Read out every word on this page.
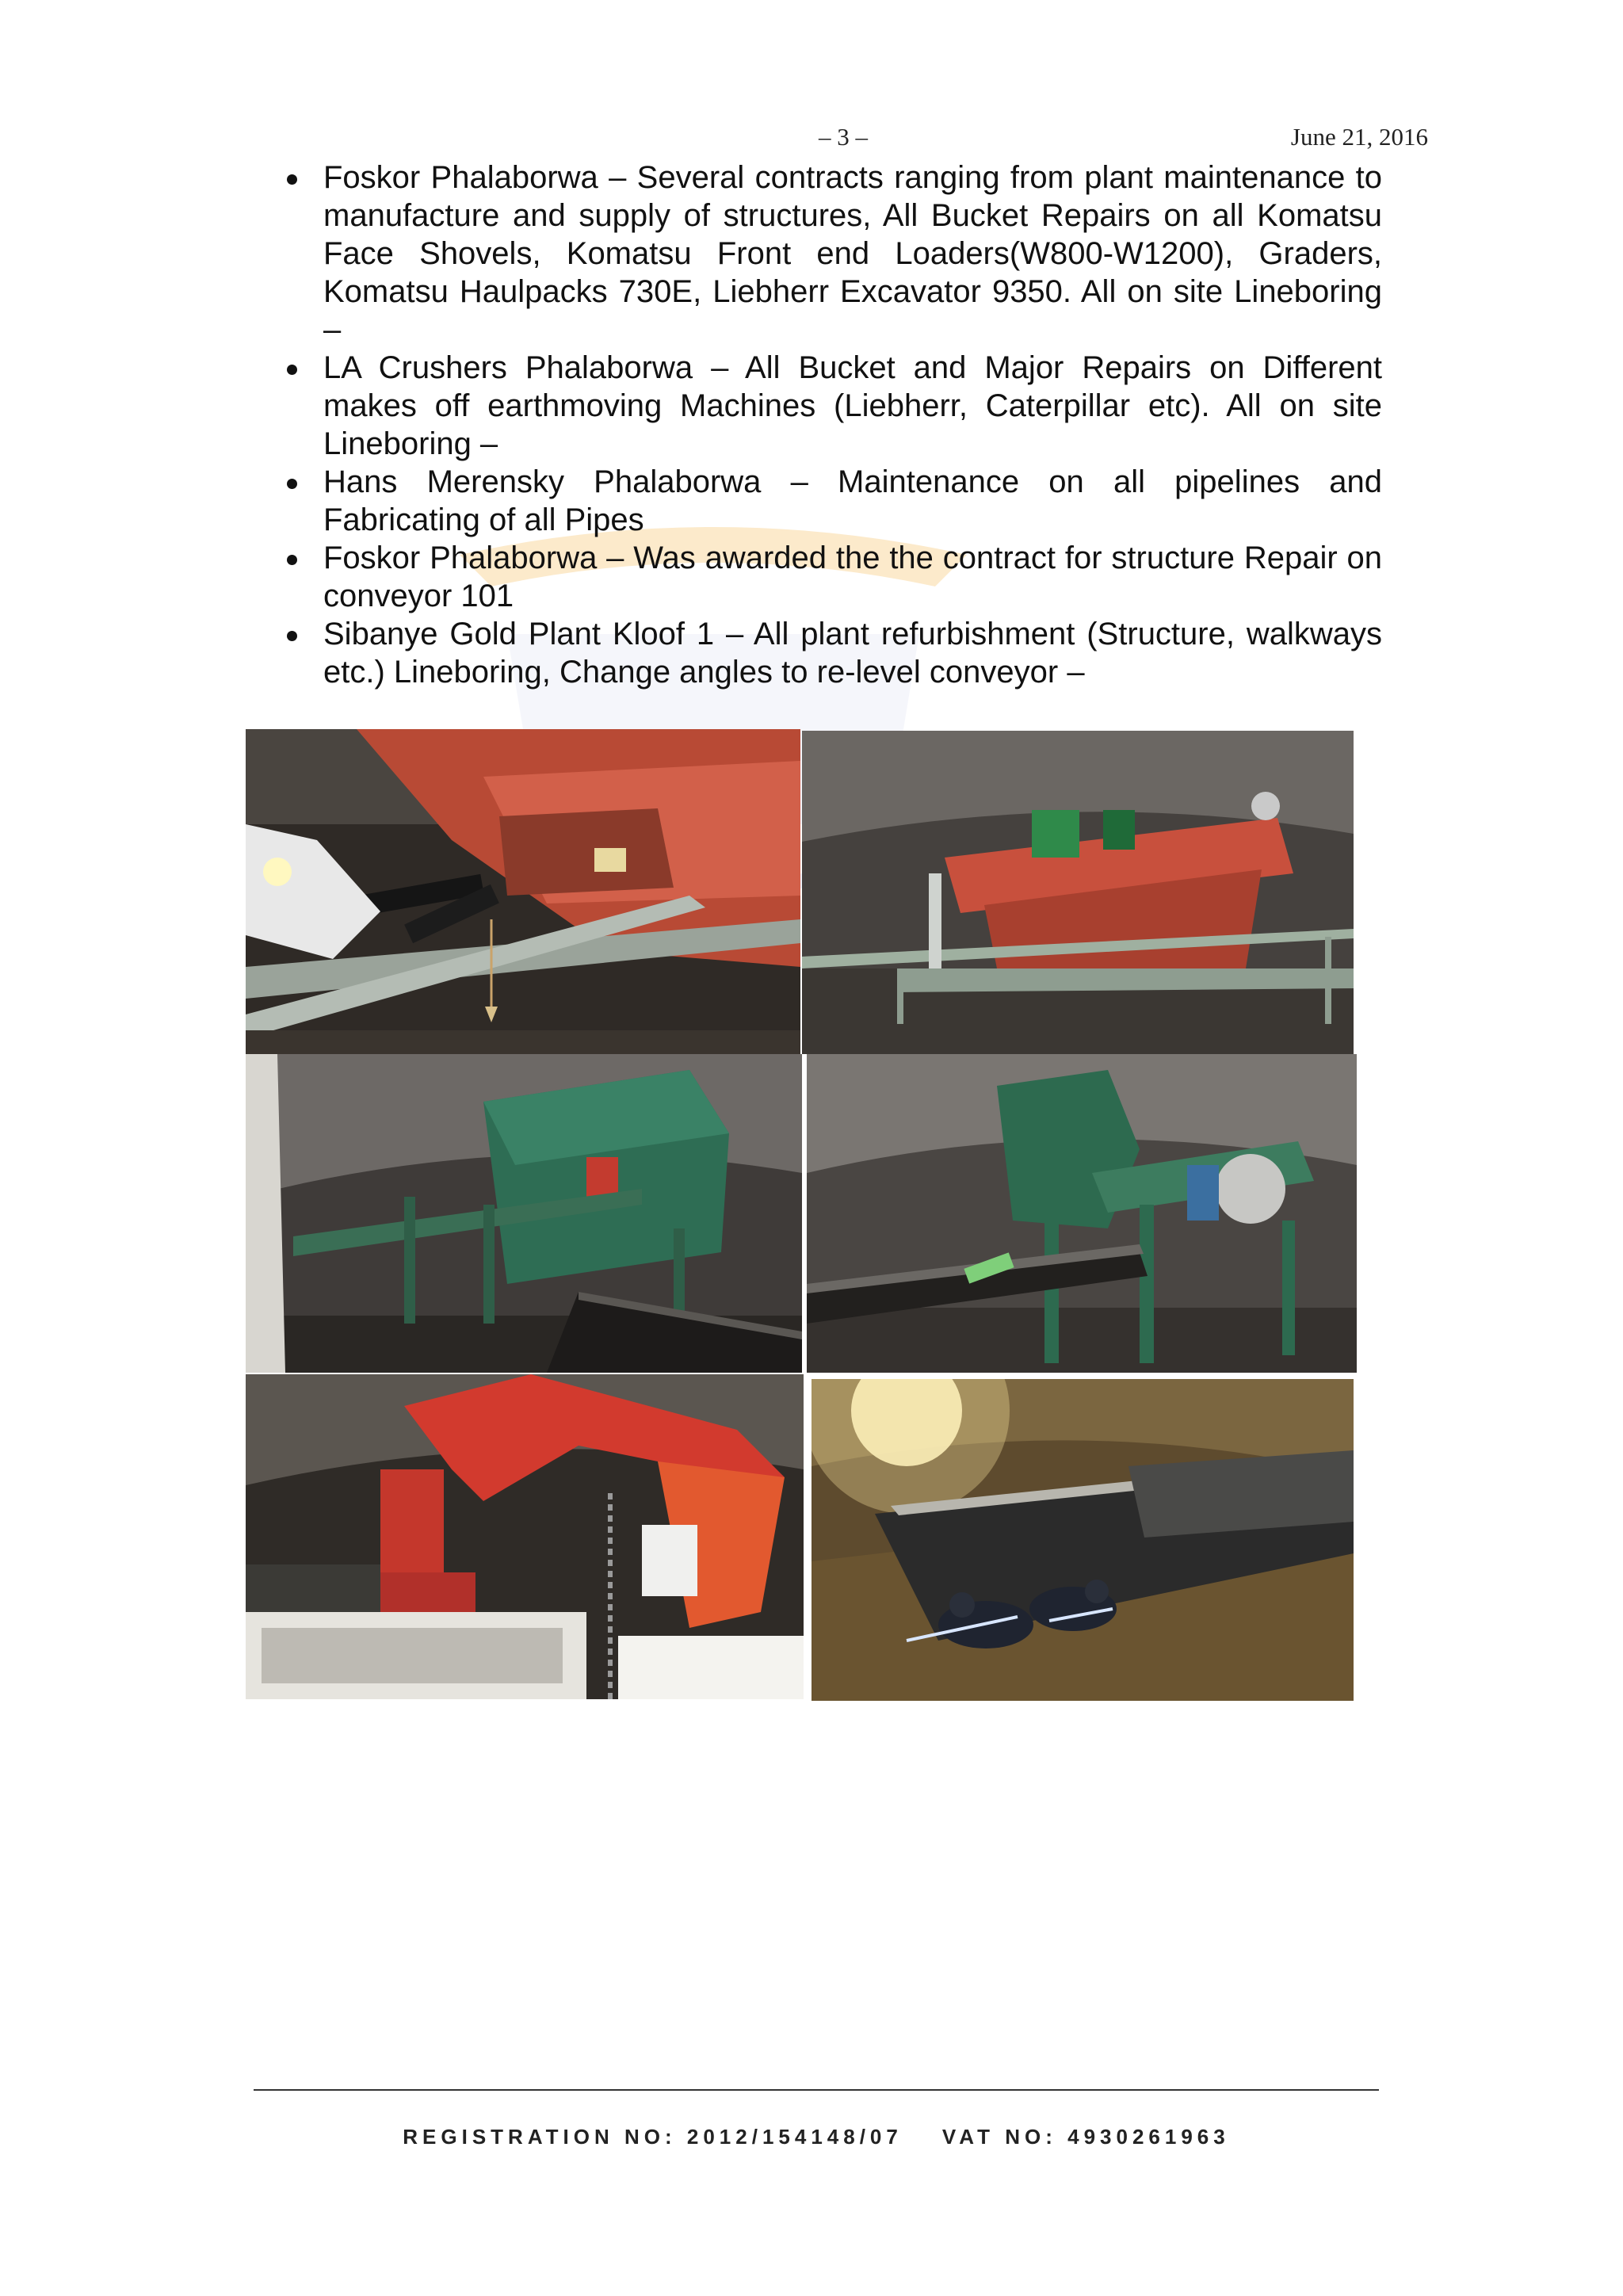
– 3 –	June 21, 2016
Foskor Phalaborwa – Several contracts ranging from plant maintenance to manufacture and supply of structures, All Bucket Repairs on all Komatsu Face Shovels, Komatsu Front end Loaders(W800-W1200), Graders, Komatsu Haulpacks 730E, Liebherr Excavator 9350. All on site Lineboring –
LA Crushers Phalaborwa – All Bucket and Major Repairs on Different makes off earthmoving Machines (Liebherr, Caterpillar etc). All on site Lineboring –
Hans Merensky Phalaborwa – Maintenance on all pipelines and Fabricating of all Pipes
Foskor Phalaborwa – Was awarded the the contract for structure Repair on conveyor 101
Sibanye Gold Plant Kloof 1 – All plant refurbishment (Structure, walkways etc.) Lineboring, Change angles to re-level conveyor –
REGISTRATION NO: 2012/154148/07 VAT NO: 4930261963
